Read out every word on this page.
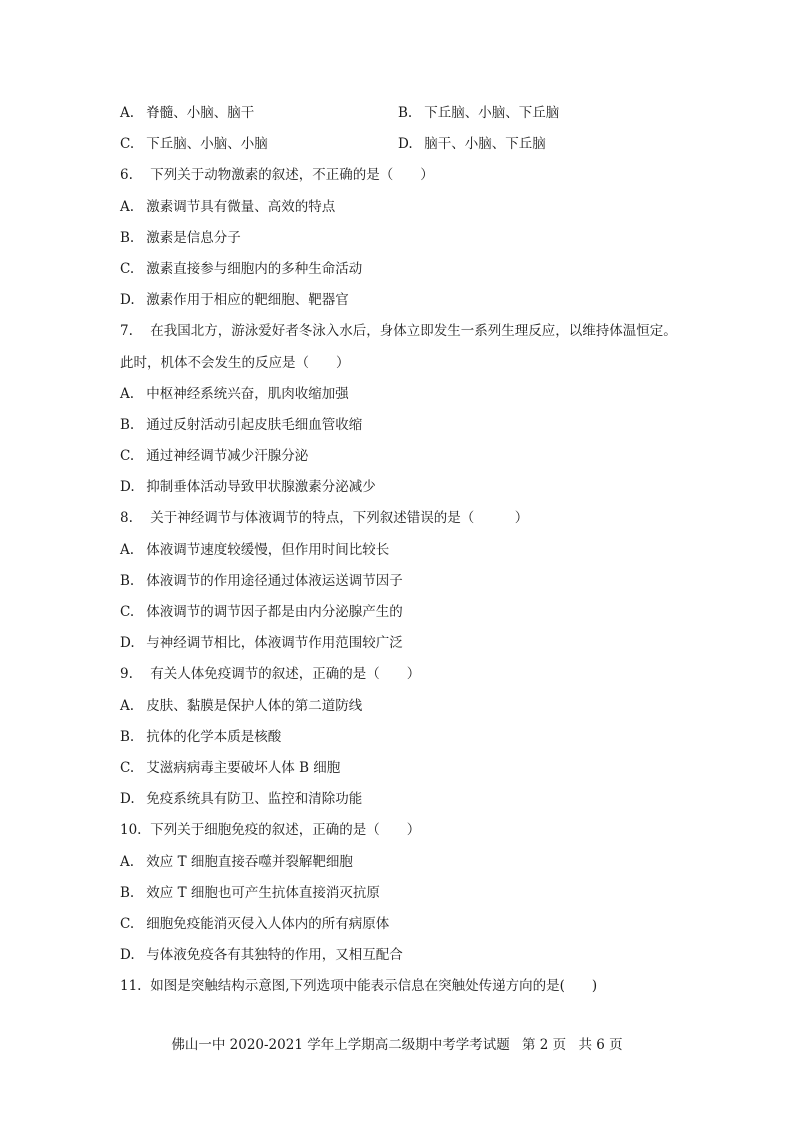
A. 脊髓、小脑、脑干	B. 下丘脑、小脑、下丘脑
C. 下丘脑、小脑、小脑	D. 脑干、小脑、下丘脑
6. 下列关于动物激素的叙述，不正确的是（　　）
A. 激素调节具有微量、高效的特点
B. 激素是信息分子
C. 激素直接参与细胞内的多种生命活动
D. 激素作用于相应的靶细胞、靶器官
7. 在我国北方，游泳爱好者冬泳入水后，身体立即发生一系列生理反应，以维持体温恒定。
此时，机体不会发生的反应是（　　）
A. 中枢神经系统兴奋，肌肉收缩加强
B. 通过反射活动引起皮肤毛细血管收缩
C. 通过神经调节减少汗腺分泌
D. 抑制垂体活动导致甲状腺激素分泌减少
8. 关于神经调节与体液调节的特点，下列叙述错误的是（　　　）
A. 体液调节速度较缓慢，但作用时间比较长
B. 体液调节的作用途径通过体液运送调节因子
C. 体液调节的调节因子都是由内分泌腺产生的
D. 与神经调节相比，体液调节作用范围较广泛
9. 有关人体免疫调节的叙述，正确的是（　　）
A. 皮肤、黏膜是保护人体的第二道防线
B. 抗体的化学本质是核酸
C. 艾滋病病毒主要破坏人体 B 细胞
D. 免疫系统具有防卫、监控和清除功能
10. 下列关于细胞免疫的叙述，正确的是（　　）
A. 效应 T 细胞直接吞噬并裂解靶细胞
B. 效应 T 细胞也可产生抗体直接消灭抗原
C. 细胞免疫能消灭侵入人体内的所有病原体
D. 与体液免疫各有其独特的作用，又相互配合
11. 如图是突触结构示意图,下列选项中能表示信息在突触处传递方向的是(　　)
佛山一中 2020-2021 学年上学期高二级期中考学考试题 第 2 页 共 6 页
